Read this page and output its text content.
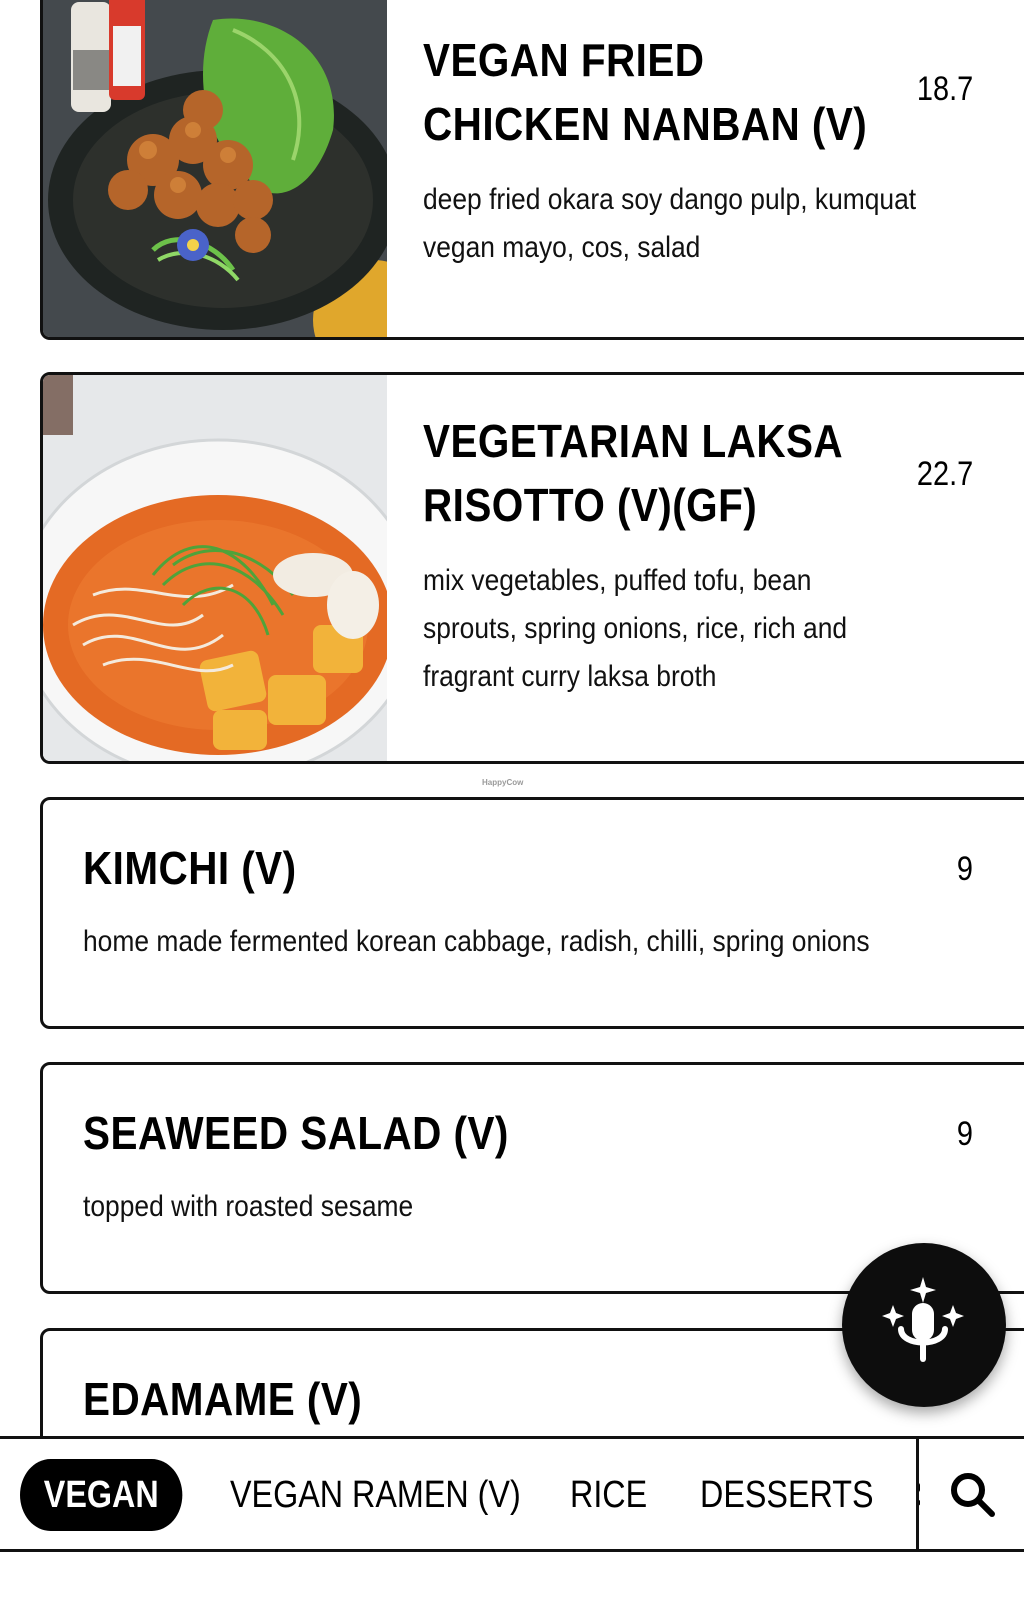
VEGAN FRIED
CHICKEN NANBAN (V)
18.7
deep fried okara soy dango pulp, kumquat
vegan mayo, cos, salad
VEGETARIAN LAKSA
RISOTTO (V)(GF)
22.7
mix vegetables, puffed tofu, bean
sprouts, spring onions, rice, rich and
fragrant curry laksa broth
HappyCow
KIMCHI (V)	9
home made fermented korean cabbage, radish, chilli, spring onions
SEAWEED SALAD (V)	9
topped with roasted sesame
EDAMAME (V)
VEGAN	VEGAN RAMEN (V) RICE DESSERTS
